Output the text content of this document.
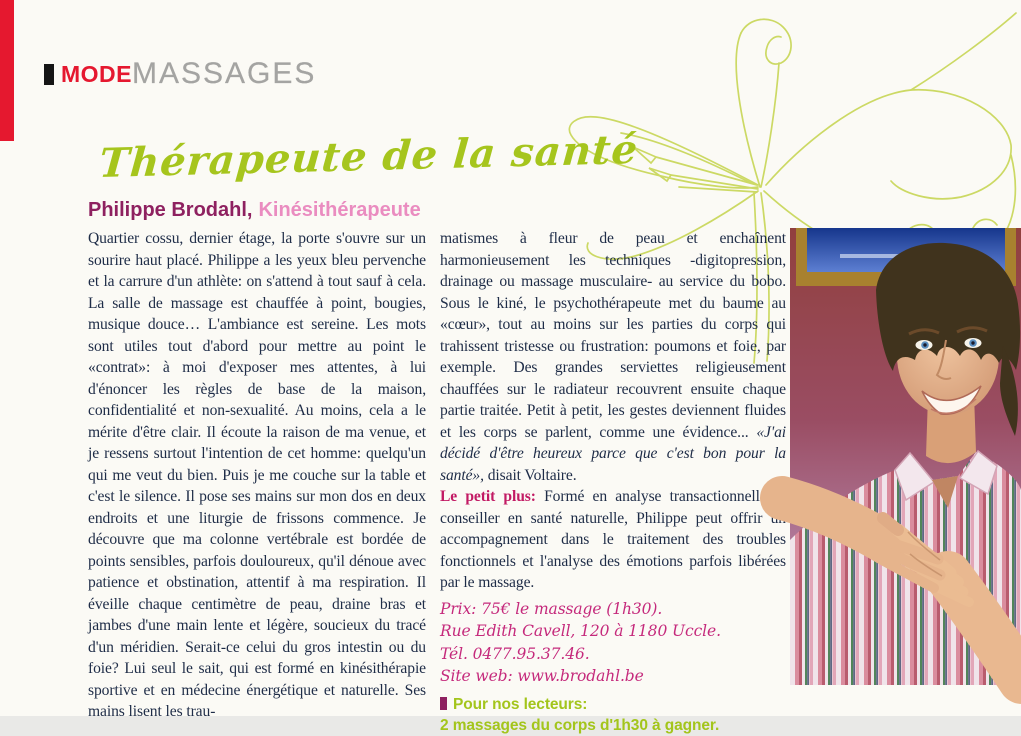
MODE MASSAGES
Thérapeute de la santé
Philippe Brodahl, Kinésithérapeute

Quartier cossu, dernier étage, la porte s'ouvre sur un sourire haut placé. Philippe a les yeux bleu pervenche et la carrure d'un athlète: on s'attend à tout sauf à cela. La salle de massage est chauffée à point, bougies, musique douce… L'ambiance est sereine. Les mots sont utiles tout d'abord pour mettre au point le «contrat»: à moi d'exposer mes attentes, à lui d'énoncer les règles de base de la maison, confidentialité et non-sexualité. Au moins, cela a le mérite d'être clair. Il écoute la raison de ma venue, et je ressens surtout l'intention de cet homme: quelqu'un qui me veut du bien. Puis je me couche sur la table et c'est le silence. Il pose ses mains sur mon dos en deux endroits et une liturgie de frissons commence. Je découvre que ma colonne vertébrale est bordée de points sensibles, parfois douloureux, qu'il dénoue avec patience et obstination, attentif à ma respiration. Il éveille chaque centimètre de peau, draine bras et jambes d'une main lente et légère, soucieux du tracé d'un méridien. Serait-ce celui du gros intestin ou du foie? Lui seul le sait, qui est formé en kinésithérapie sportive et en médecine énergétique et naturelle. Ses mains lisent les trau-

matismes à fleur de peau et enchaînent harmonieusement les techniques -digitopression, drainage ou massage musculaire- au service du bobo. Sous le kiné, le psychothérapeute met du baume au «cœur», tout au moins sur les parties du corps qui trahissent tristesse ou frustration: poumons et foie, par exemple. Des grandes serviettes religieusement chauffées sur le radiateur recouvrent ensuite chaque partie traitée. Petit à petit, les gestes deviennent fluides et les corps se parlent, comme une évidence... «J'ai décidé d'être heureux parce que c'est bon pour la santé», disait Voltaire.

Le petit plus: Formé en analyse transactionnelle et conseiller en santé naturelle, Philippe peut offrir un accompagnement dans le traitement des troubles fonctionnels et l'analyse des émotions parfois libérées par le massage.

Prix: 75€ le massage (1h30).
Rue Edith Cavell, 120 à 1180 Uccle.
Tél. 0477.95.37.46.
Site web: www.brodahl.be
Pour nos lecteurs:
2 massages du corps d'1h30 à gagner.
